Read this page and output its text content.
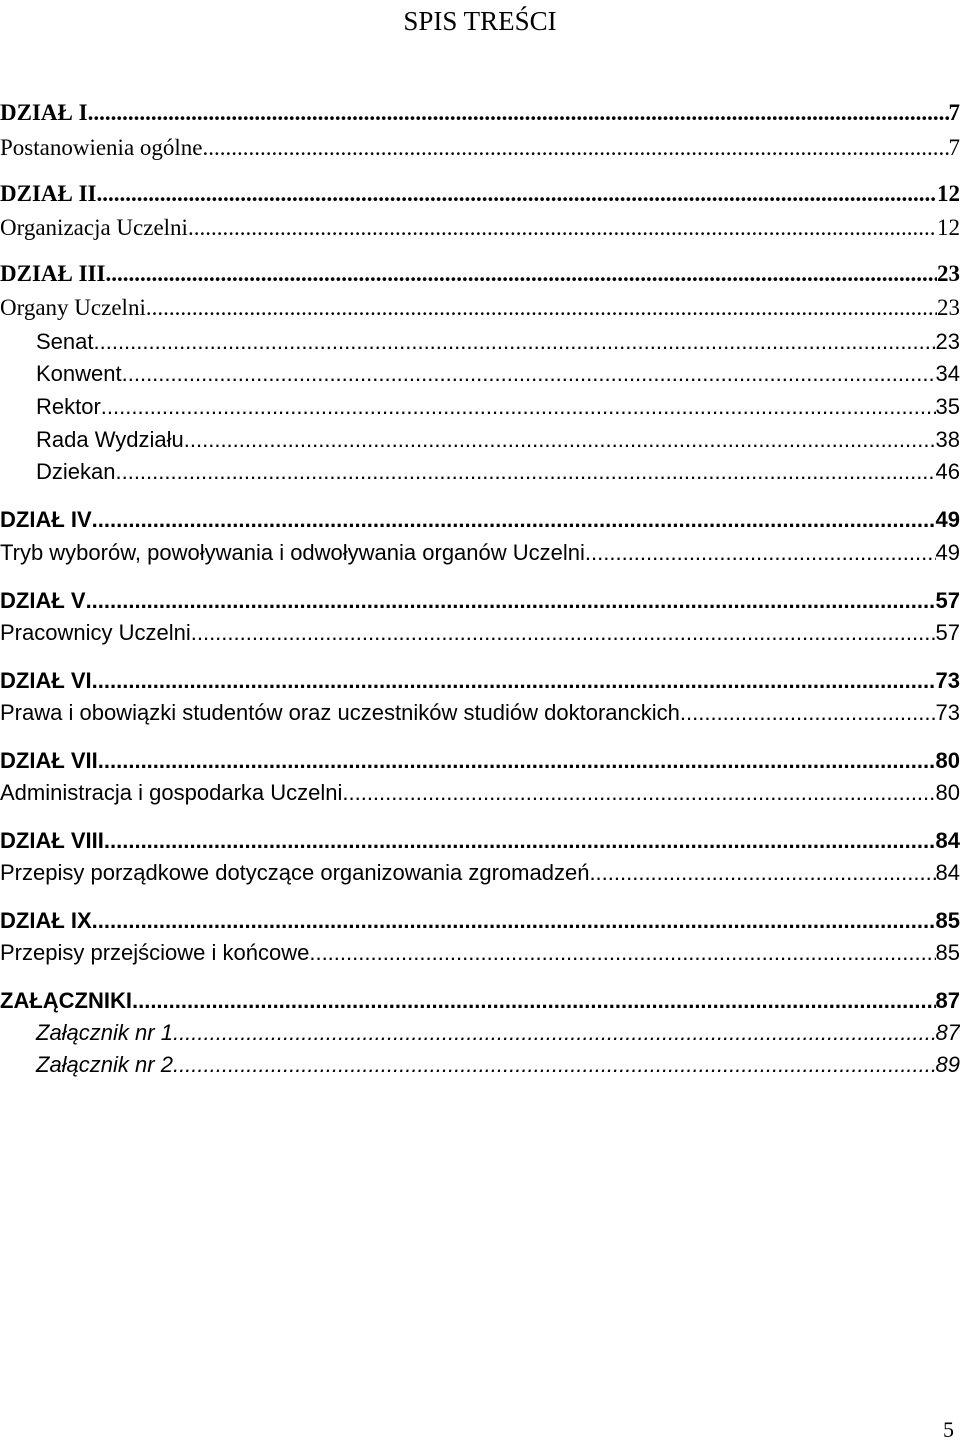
SPIS TREŚCI
DZIAŁ I .....	7
Postanowienia ogólne .....	7
DZIAŁ II .....	12
Organizacja Uczelni .....	12
DZIAŁ III .....	23
Organy Uczelni .....	23
Senat .....	23
Konwent .....	34
Rektor .....	35
Rada Wydziału .....	38
Dziekan .....	46
DZIAŁ IV .....	49
Tryb wyborów, powoływania i odwoływania organów Uczelni .....	49
DZIAŁ V .....	57
Pracownicy Uczelni .....	57
DZIAŁ VI .....	73
Prawa i obowiązki studentów oraz uczestników studiów doktoranckich .....	73
DZIAŁ VII .....	80
Administracja i gospodarka Uczelni .....	80
DZIAŁ VIII .....	84
Przepisy porządkowe dotyczące organizowania zgromadzeń .....	84
DZIAŁ IX .....	85
Przepisy przejściowe i końcowe .....	85
ZAŁĄCZNIKI .....	87
Załącznik nr 1 .....	87
Załącznik nr 2 .....	89
5
